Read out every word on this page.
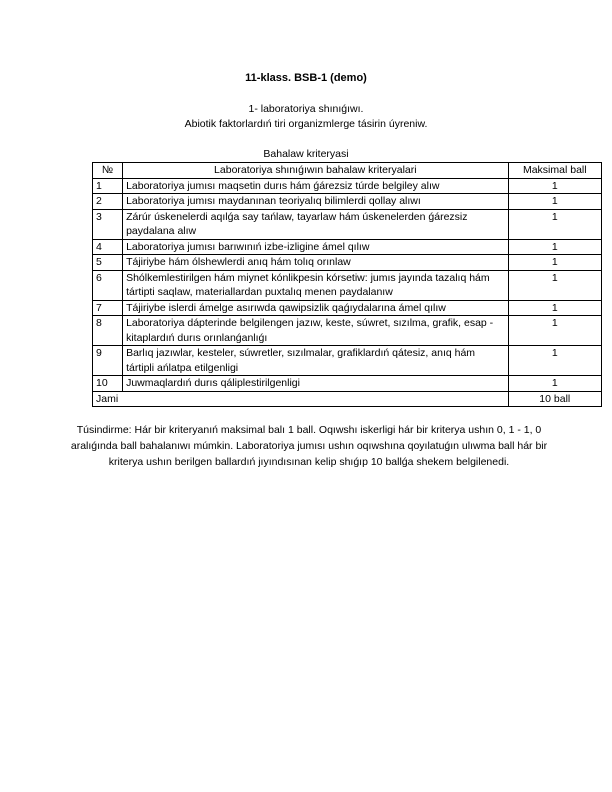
11-klass. BSB-1 (demo)
1- laboratoriya shınıǵıwı.
Abiotik faktorlardıń tiri organizmlerge tásirin úyreniw.
Bahalaw kriteryasi
№	Laboratoriya shınıǵıwın bahalaw kriteryalari	Maksimal ball
1	Laboratoriya jumısı maqsetin durıs hám ǵárezsiz túrde belgiley alıw	1
2	Laboratoriya jumısı maydanınan teoriyalıq bilimlerdi qollay alıwı	1
3	Zárúr úskenelerdi aqılǵa say tańlaw, tayarlaw hám úskenelerden ǵárezsiz paydalana alıw	1
4	Laboratoriya jumısı barıwınıń izbe-izligine ámel qılıw	1
5	Tájiriybe hám ólshewlerdi anıq hám tolıq orınlaw	1
6	Shólkemlestirilgen hám miynet kónlikpesin kórsetiw: jumıs jayında tazalıq hám tártipti saqlaw, materiallardan puxtalıq menen paydalanıw	1
7	Tájiriybe islerdi ámelge asırıwda qawipsizlik qaǵıydalarına ámel qılıw	1
8	Laboratoriya dápterinde belgilengen jazıw, keste, súwret, sızılma, grafik, esap -kitaplardıń durıs orınlanǵanlıǵı	1
9	Barlıq jazıwlar, kesteler, súwretler, sızılmalar, grafiklardıń qátesiz, anıq hám tártipli ańlatpa etilgenligi	1
10	Juwmaqlardıń durıs qáliplestirilgenligi	1
Jami		10 ball
Túsindirme: Hár bir kriteryanıń maksimal balı 1 ball. Oqıwshı iskerligi hár bir kriterya ushın 0, 1 - 1, 0 aralıǵında ball bahalanıwı múmkin. Laboratoriya jumısı ushın oqıwshına qoyılatuǵın ulıwma ball hár bir kriterya ushın berilgen ballardıń jıyındısınan kelip shıǵıp 10 ballǵa shekem belgilenedi.
